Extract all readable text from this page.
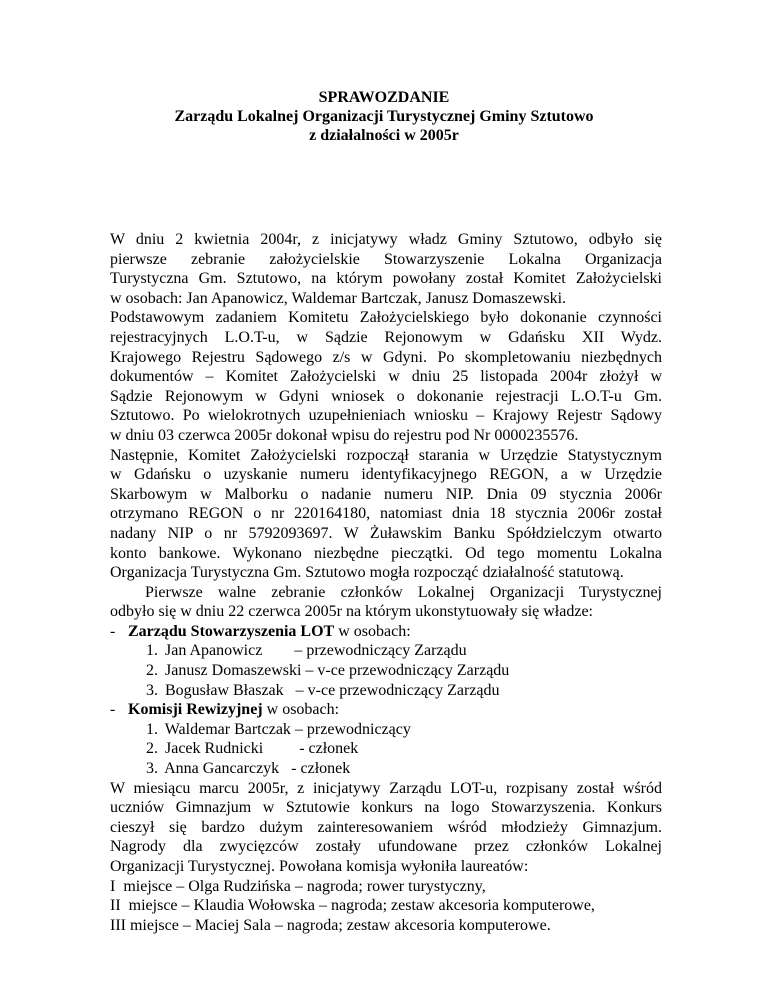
SPRAWOZDANIE
Zarządu Lokalnej Organizacji Turystycznej Gminy Sztutowo
z działalności w 2005r
W dniu 2 kwietnia 2004r, z inicjatywy władz Gminy Sztutowo, odbyło się
pierwsze zebranie założycielskie Stowarzyszenie Lokalna Organizacja
Turystyczna Gm. Sztutowo, na którym powołany został Komitet Założycielski
w osobach: Jan Apanowicz, Waldemar Bartczak, Janusz Domaszewski.
Podstawowym zadaniem Komitetu Założycielskiego było dokonanie czynności
rejestracyjnych L.O.T-u, w Sądzie Rejonowym w Gdańsku XII Wydz.
Krajowego Rejestru Sądowego z/s w Gdyni. Po skompletowaniu niezbędnych
dokumentów – Komitet Założycielski w dniu 25 listopada 2004r złożył w
Sądzie Rejonowym w Gdyni wniosek o dokonanie rejestracji L.O.T-u Gm.
Sztutowo. Po wielokrotnych uzupełnieniach wniosku – Krajowy Rejestr Sądowy
w dniu 03 czerwca 2005r dokonał wpisu do rejestru pod Nr 0000235576.
Następnie, Komitet Założycielski rozpoczął starania w Urzędzie Statystycznym
w Gdańsku o uzyskanie numeru identyfikacyjnego REGON, a w Urzędzie
Skarbowym w Malborku o nadanie numeru NIP. Dnia 09 stycznia 2006r
otrzymano REGON o nr 220164180, natomiast dnia 18 stycznia 2006r został
nadany NIP o nr 5792093697. W Żuławskim Banku Spółdzielczym otwarto
konto bankowe. Wykonano niezbędne pieczątki. Od tego momentu Lokalna
Organizacja Turystyczna Gm. Sztutowo mogła rozpocząć działalność statutową.
Pierwsze walne zebranie członków Lokalnej Organizacji Turystycznej
odbyło się w dniu 22 czerwca 2005r na którym ukonstytuowały się władze:
- Zarządu Stowarzyszenia LOT w osobach:
1. Jan Apanowicz – przewodniczący Zarządu
2. Janusz Domaszewski – v-ce przewodniczący Zarządu
3. Bogusław Błaszak – v-ce przewodniczący Zarządu
- Komisji Rewizyjnej w osobach:
1. Waldemar Bartczak – przewodniczący
2. Jacek Rudnicki - członek
3. Anna Gancarczyk - członek
W miesiącu marcu 2005r, z inicjatywy Zarządu LOT-u, rozpisany został wśród
uczniów Gimnazjum w Sztutowie konkurs na logo Stowarzyszenia. Konkurs
cieszył się bardzo dużym zainteresowaniem wśród młodzieży Gimnazjum.
Nagrody dla zwycięzców zostały ufundowane przez członków Lokalnej
Organizacji Turystycznej. Powołana komisja wyłoniła laureatów:
I  miejsce – Olga Rudzińska – nagroda; rower turystyczny,
II  miejsce – Klaudia Wołowska – nagroda; zestaw akcesoria komputerowe,
III miejsce – Maciej Sala – nagroda; zestaw akcesoria komputerowe.
